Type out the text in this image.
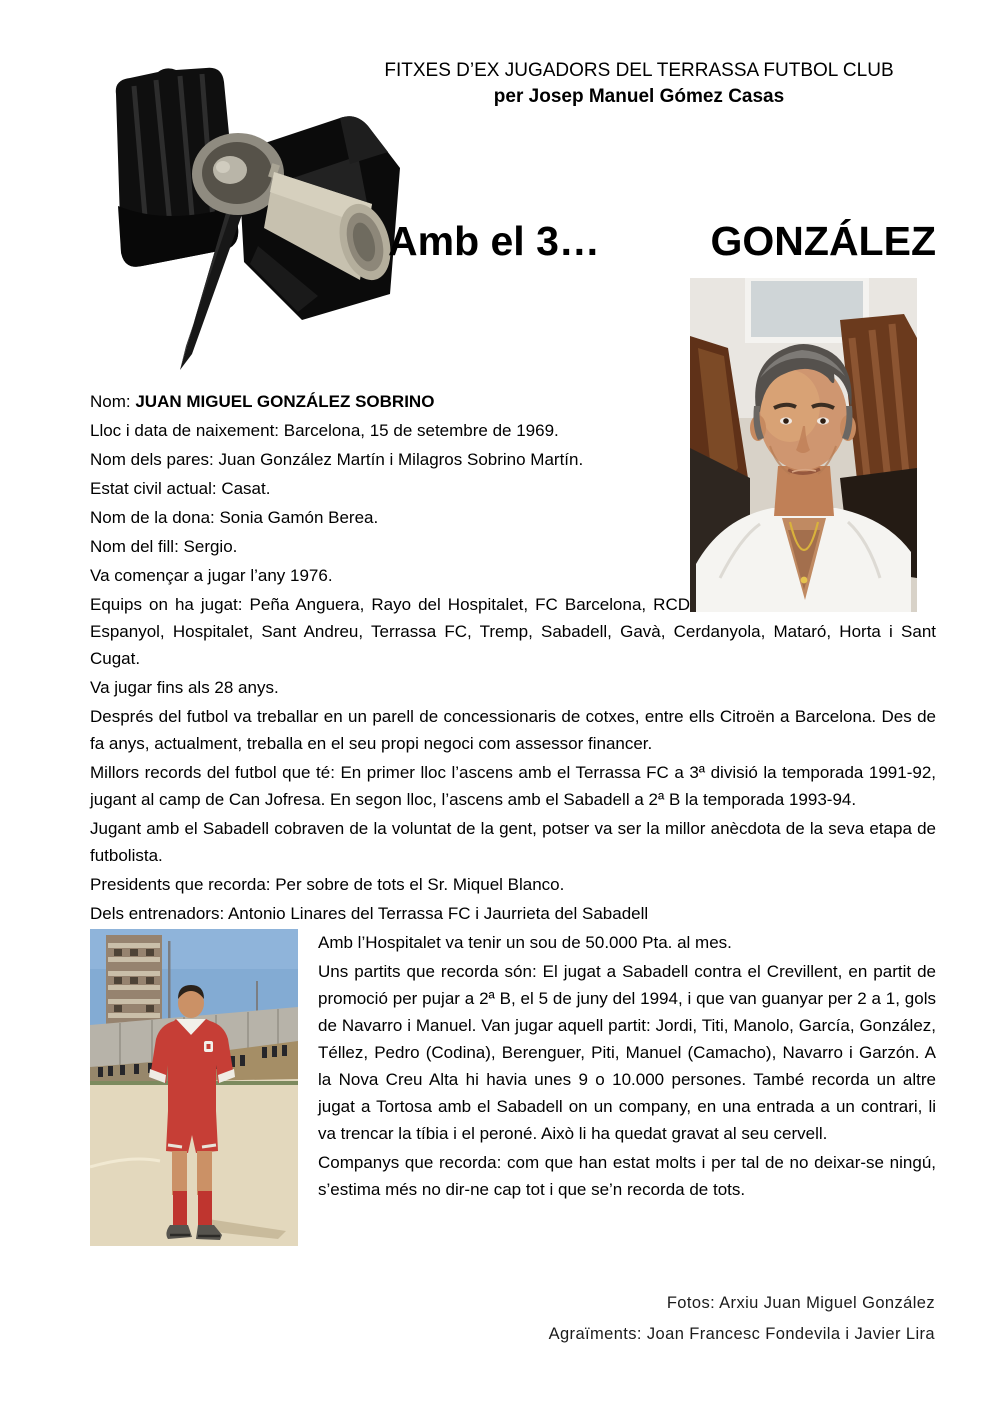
FITXES D’EX JUGADORS DEL TERRASSA FUTBOL CLUB
per Josep Manuel Gómez Casas
Amb el 3…	GONZÁLEZ

Nom: JUAN MIGUEL GONZÁLEZ SOBRINO

Lloc i data de naixement: Barcelona, 15 de setembre de 1969.

Nom dels pares: Juan González Martín i Milagros Sobrino Martín.

Estat civil actual: Casat.

Nom de la dona: Sonia Gamón Berea.

Nom del fill: Sergio.

Va començar a jugar l’any 1976.

Equips on ha jugat: Peña Anguera, Rayo del Hospitalet, FC Barcelona, RCD Espanyol, Hospitalet, Sant Andreu, Terrassa FC, Tremp, Sabadell, Gavà, Cerdanyola, Mataró, Horta i Sant Cugat.

Va jugar fins als 28 anys.

Després del futbol va treballar en un parell de concessionaris de cotxes, entre ells Citroën a Barcelona. Des de fa anys, actualment, treballa en el seu propi negoci com assessor financer.

Millors records del futbol que té: En primer lloc l’ascens amb el Terrassa FC a 3ª divisió la temporada 1991-92, jugant al camp de Can Jofresa. En segon lloc, l’ascens amb el Sabadell a 2ª B la temporada 1993-94.

Jugant amb el Sabadell cobraven de la voluntat de la gent, potser va ser la millor anècdota de la seva etapa de futbolista.

Presidents que recorda: Per sobre de tots el Sr. Miquel Blanco.

Dels entrenadors: Antonio Linares del Terrassa FC i Jaurrieta del Sabadell

Amb l’Hospitalet va tenir un sou de 50.000 Pta. al mes.

Uns partits que recorda són: El jugat a Sabadell contra el Crevillent, en partit de promoció per pujar a 2ª B, el 5 de juny del 1994, i que van guanyar per 2 a 1, gols de Navarro i Manuel. Van jugar aquell partit: Jordi, Titi, Manolo, García, González, Téllez, Pedro (Codina), Berenguer, Piti, Manuel (Camacho), Navarro i Garzón. A la Nova Creu Alta hi havia unes 9 o 10.000 persones. També recorda un altre jugat a Tortosa amb el Sabadell on un company, en una entrada a un contrari, li va trencar la tíbia i el peroné. Això li ha quedat gravat al seu cervell.

Companys que recorda: com que han estat molts i per tal de no deixar-se ningú, s’estima més no dir-ne cap tot i que se’n recorda de tots.

Fotos: Arxiu Juan Miguel González
Agraïments: Joan Francesc Fondevila i Javier Lira
